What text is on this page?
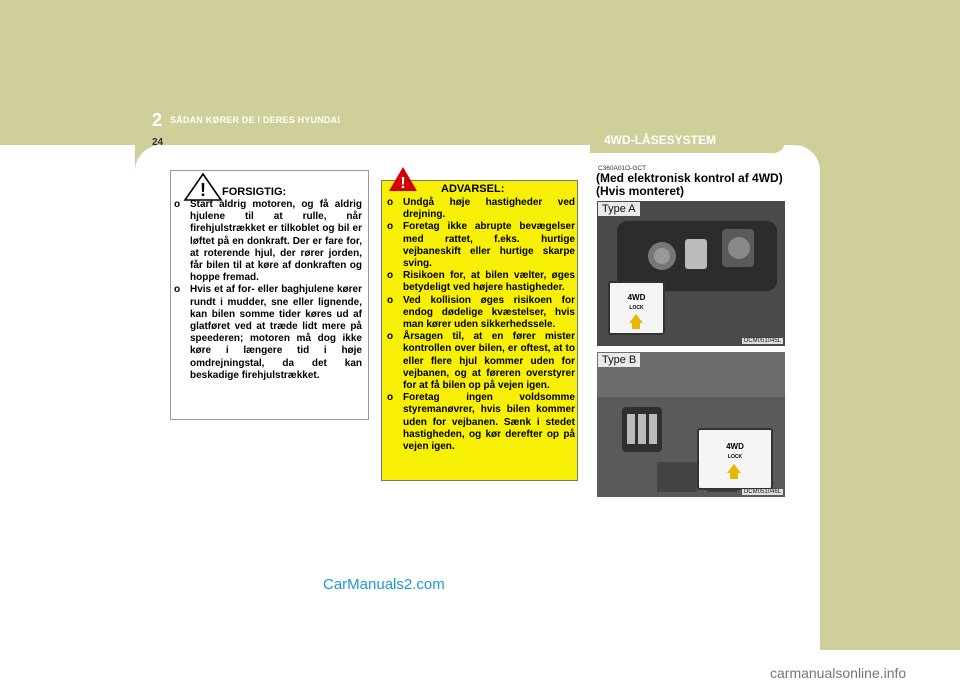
2 SÅDAN KØRER DE I DERES HYUNDAI
24	4WD-LÅSESYSTEM
! FORSIGTIG:
o Start aldrig motoren, og få aldrig hjulene til at rulle, når firehjulstrækket er tilkoblet og bil er løftet på en donkraft. Der er fare for, at roterende hjul, der rører jorden, får bilen til at køre af donkraften og hoppe fremad.
o Hvis et af for- eller baghjulene kører rundt i mudder, sne eller lignende, kan bilen somme tider køres ud af glatføret ved at træde lidt mere på speederen; motoren må dog ikke køre i længere tid i høje omdrejningstal, da det kan beskadige firehjulstrækket.
!	ADVARSEL:
o Undgå høje hastigheder ved drejning.
o Foretag ikke abrupte bevægelser med rattet, f.eks. hurtige vejbaneskift eller hurtige skarpe sving.
o Risikoen for, at bilen vælter, øges betydeligt ved højere hastigheder.
o Ved kollision øges risikoen for endog dødelige kvæstelser, hvis man kører uden sikkerhedssele.
o Årsagen til, at en fører mister kontrollen over bilen, er oftest, at to eller flere hjul kommer uden for vejbanen, og at føreren overstyrer for at få bilen op på vejen igen.
o Foretag ingen voldsomme styremanøvrer, hvis bilen kommer uden for vejbanen. Sænk i stedet hastigheden, og kør derefter op på vejen igen.
C360A01O-GCT
(Med elektronisk kontrol af 4WD)
(Hvis monteret)
Type A
4WD
LOCK
OCM051045L
Type B
4WD
LOCK
OCM051046L
CarManuals2.com
carmanualsonline.info
